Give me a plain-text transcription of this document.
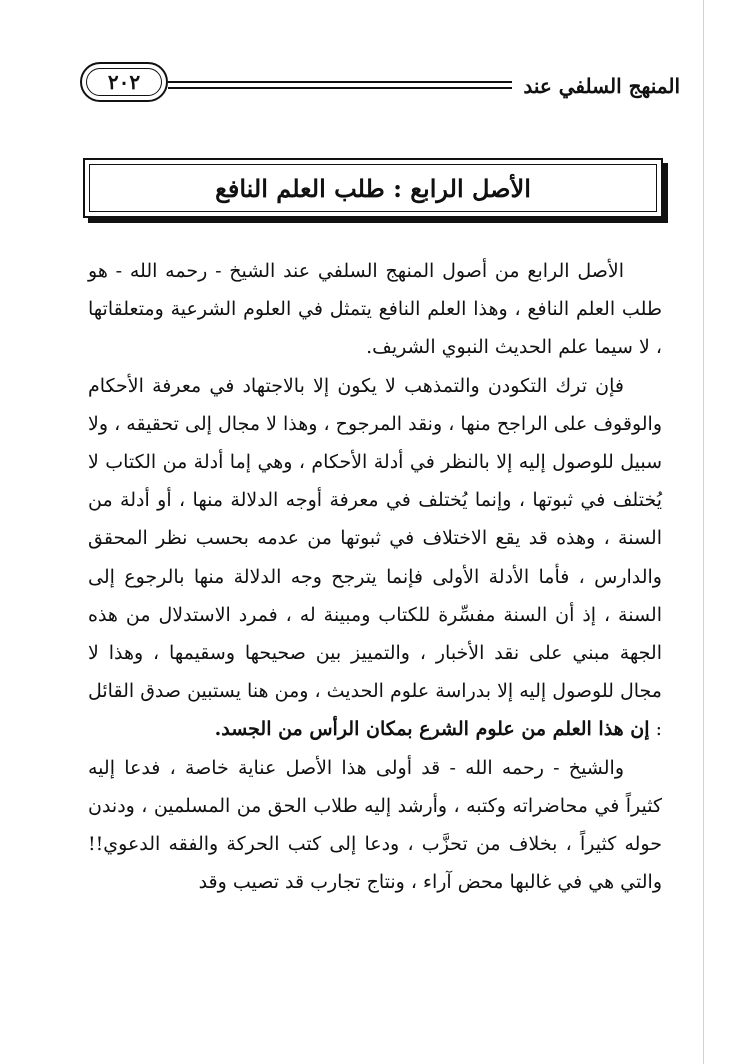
٢٠٢	المنهج السلفي عند
الأصل الرابع : طلب العلم النافع

الأصل الرابع من أصول المنهج السلفي عند الشيخ - رحمه الله - هو طلب العلم النافع ، وهذا العلم النافع يتمثل في العلوم الشرعية ومتعلقاتها ، لا سيما علم الحديث النبوي الشريف.

فإن ترك التكودن والتمذهب لا يكون إلا بالاجتهاد في معرفة الأحكام والوقوف على الراجح منها ، ونقد المرجوح ، وهذا لا مجال إلى تحقيقه ، ولا سبيل للوصول إليه إلا بالنظر في أدلة الأحكام ، وهي إما أدلة من الكتاب لا يُختلف في ثبوتها ، وإنما يُختلف في معرفة أوجه الدلالة منها ، أو أدلة من السنة ، وهذه قد يقع الاختلاف في ثبوتها من عدمه بحسب نظر المحقق والدارس ، فأما الأدلة الأولى فإنما يترجح وجه الدلالة منها بالرجوع إلى السنة ، إذ أن السنة مفسِّرة للكتاب ومبينة له ، فمرد الاستدلال من هذه الجهة مبني على نقد الأخبار ، والتمييز بين صحيحها وسقيمها ، وهذا لا مجال للوصول إليه إلا بدراسة علوم الحديث ، ومن هنا يستبين صدق القائل : إن هذا العلم من علوم الشرع بمكان الرأس من الجسد.

والشيخ - رحمه الله - قد أولى هذا الأصل عناية خاصة ، فدعا إليه كثيراً في محاضراته وكتبه ، وأرشد إليه طلاب الحق من المسلمين ، ودندن حوله كثيراً ، بخلاف من تحزَّب ، ودعا إلى كتب الحركة والفقه الدعوي!! والتي هي في غالبها محض آراء ، ونتاج تجارب قد تصيب وقد
